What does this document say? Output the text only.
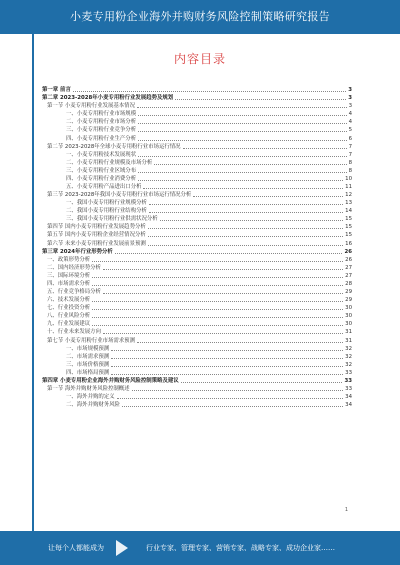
小麦专用粉企业海外并购财务风险控制策略研究报告
内容目录
第一章 前言	3
第二章 2023-2028年小麦专用粉行业发展趋势及规划	3
第一节 小麦专用粉行业发展基本情况	3
一、小麦专用粉行业市场规模	4
二、小麦专用粉行业市场分析	4
三、小麦专用粉行业竞争分析	5
四、小麦专用粉行业生产分析	6
第二节 2023-2028年全球小麦专用粉行业市场运行情况	7
一、小麦专用粉技术发展现状	7
二、小麦专用粉行业规模及市场分析	8
三、小麦专用粉行业区域分布	8
四、小麦专用粉行业消费分析	10
五、小麦专用粉产品进出口分析	11
第三节 2023-2028年我国小麦专用粉行业市场运行情况分析	12
一、我国小麦专用粉行业规模分析	13
二、我国小麦专用粉行业结构分析	14
三、我国小麦专用粉行业供需状况分析	15
第四节 国内小麦专用粉行业发展趋势分析	15
第五节 国内小麦专用粉企业经营情况分析	15
第六节 未来小麦专用粉行业发展前景预测	16
第三章 2024年行业形势分析	26
一、政策形势分析	26
二、国内经济形势分析	27
三、国际环境分析	27
四、市场需求分析	28
五、行业竞争格局分析	29
六、技术发展分析	29
七、行业投资分析	30
八、行业风险分析	30
九、行业发展建议	30
十、行业未来发展方向	31
第七节 小麦专用粉行业市场需求预测	31
一、市场规模预测	32
二、市场需求预测	32
三、市场价格预测	32
四、市场格局预测	33
第四章 小麦专用粉企业海外并购财务风险控制策略及建议	33
第一节 海外并购财务风险控制概述	33
一、海外并购的定义	34
二、海外并购财务风险	34
1
让每个人都能成为	行业专家、管理专家、营销专家、战略专家、成功企业家……
